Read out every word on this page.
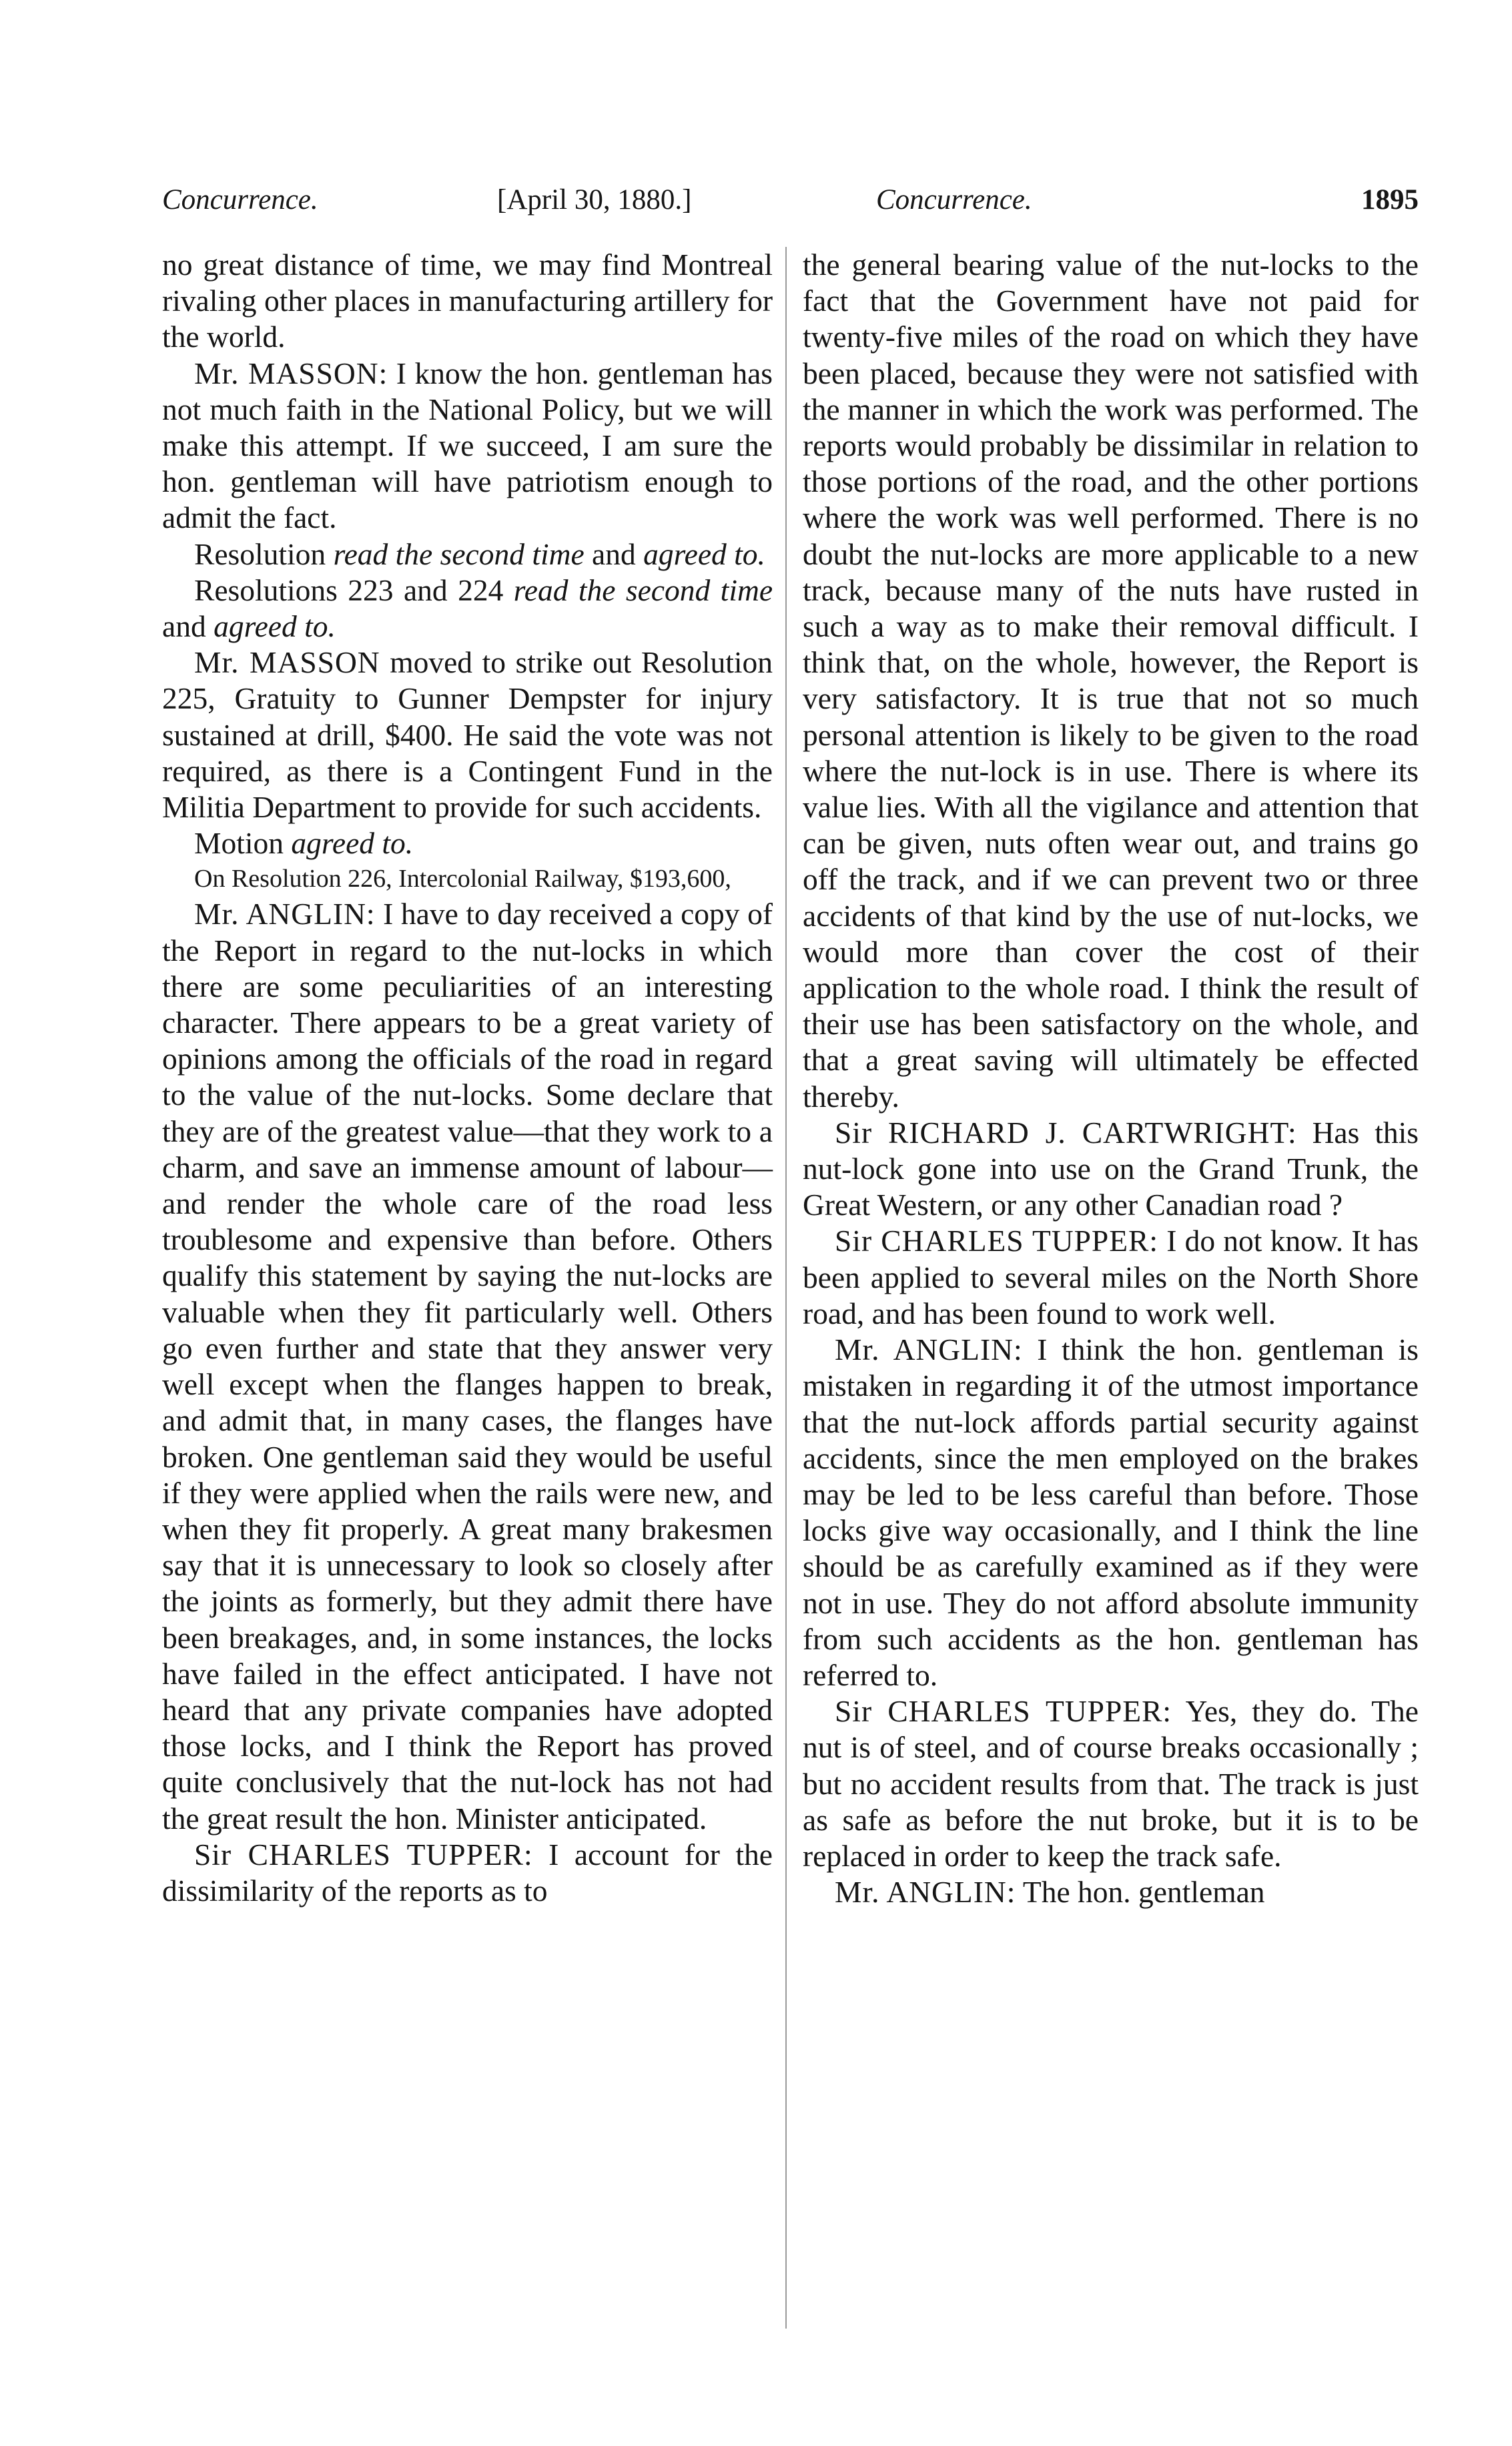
Concurrence.	[April 30, 1880.]	Concurrence.	1895

no great distance of time, we may find Montreal rivaling other places in manufacturing artillery for the world.

Mr. MASSON: I know the hon. gentleman has not much faith in the National Policy, but we will make this attempt. If we succeed, I am sure the hon. gentleman will have patriotism enough to admit the fact.

Resolution read the second time and agreed to.

Resolutions 223 and 224 read the second time and agreed to.

Mr. MASSON moved to strike out Resolution 225, Gratuity to Gunner Dempster for injury sustained at drill, $400. He said the vote was not required, as there is a Contingent Fund in the Militia Department to provide for such accidents.

Motion agreed to.

On Resolution 226, Intercolonial Railway, $193,600,

Mr. ANGLIN: I have to day received a copy of the Report in regard to the nut-locks in which there are some peculiarities of an interesting character. There appears to be a great variety of opinions among the officials of the road in regard to the value of the nut-locks. Some declare that they are of the greatest value—that they work to a charm, and save an immense amount of labour—and render the whole care of the road less troublesome and expensive than before. Others qualify this statement by saying the nut-locks are valuable when they fit particularly well. Others go even further and state that they answer very well except when the flanges happen to break, and admit that, in many cases, the flanges have broken. One gentleman said they would be useful if they were applied when the rails were new, and when they fit properly. A great many brakesmen say that it is unnecessary to look so closely after the joints as formerly, but they admit there have been breakages, and, in some instances, the locks have failed in the effect anticipated. I have not heard that any private companies have adopted those locks, and I think the Report has proved quite conclusively that the nut-lock has not had the great result the hon. Minister anticipated.

Sir CHARLES TUPPER: I account for the dissimilarity of the reports as to

the general bearing value of the nut-locks to the fact that the Government have not paid for twenty-five miles of the road on which they have been placed, because they were not satisfied with the manner in which the work was performed. The reports would probably be dissimilar in relation to those portions of the road, and the other portions where the work was well performed. There is no doubt the nut-locks are more applicable to a new track, because many of the nuts have rusted in such a way as to make their removal difficult. I think that, on the whole, however, the Report is very satisfactory. It is true that not so much personal attention is likely to be given to the road where the nut-lock is in use. There is where its value lies. With all the vigilance and attention that can be given, nuts often wear out, and trains go off the track, and if we can prevent two or three accidents of that kind by the use of nut-locks, we would more than cover the cost of their application to the whole road. I think the result of their use has been satisfactory on the whole, and that a great saving will ultimately be effected thereby.

Sir RICHARD J. CARTWRIGHT: Has this nut-lock gone into use on the Grand Trunk, the Great Western, or any other Canadian road ?

Sir CHARLES TUPPER: I do not know. It has been applied to several miles on the North Shore road, and has been found to work well.

Mr. ANGLIN: I think the hon. gentleman is mistaken in regarding it of the utmost importance that the nut-lock affords partial security against accidents, since the men employed on the brakes may be led to be less careful than before. Those locks give way occasionally, and I think the line should be as carefully examined as if they were not in use. They do not afford absolute immunity from such accidents as the hon. gentleman has referred to.

Sir CHARLES TUPPER: Yes, they do. The nut is of steel, and of course breaks occasionally ; but no accident results from that. The track is just as safe as before the nut broke, but it is to be replaced in order to keep the track safe.

Mr. ANGLIN: The hon. gentleman
